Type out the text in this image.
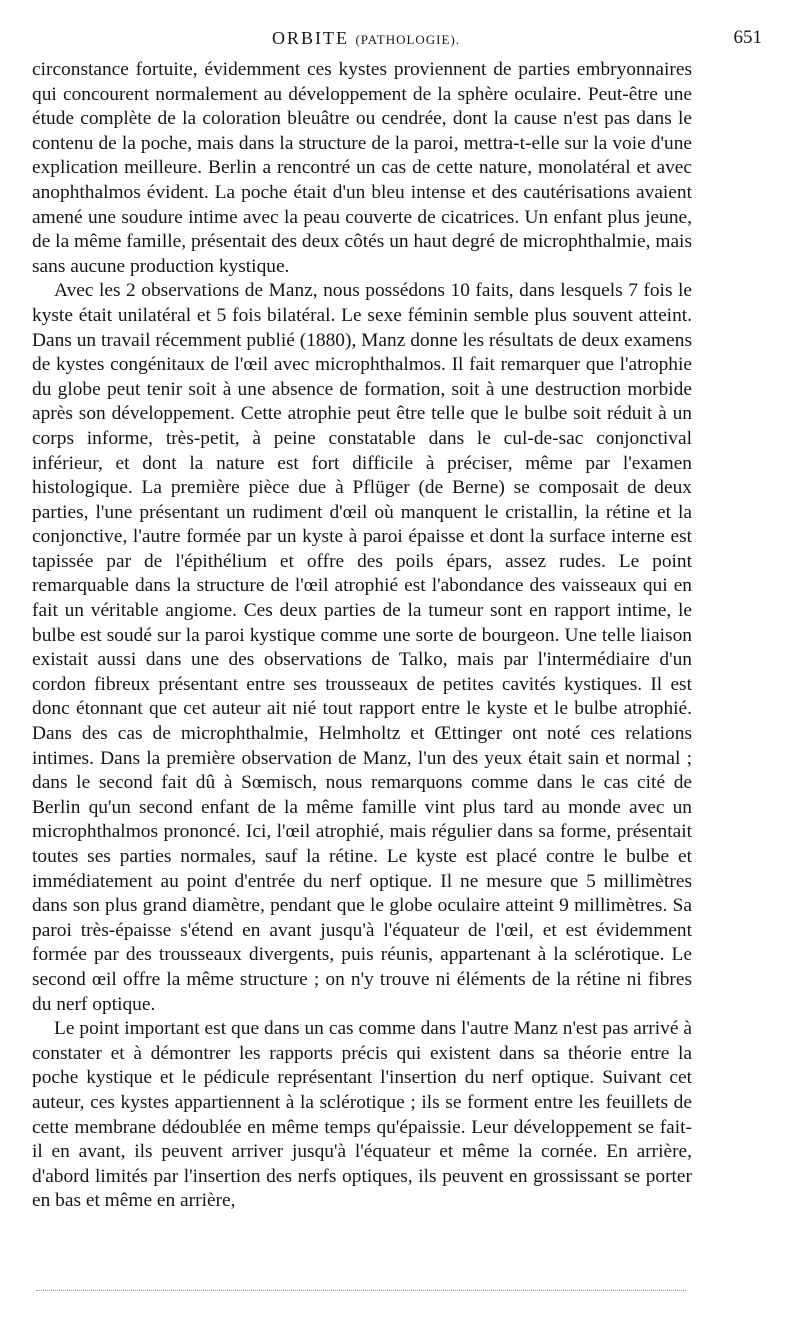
ORBITE (PATHOLOGIE).	651

circonstance fortuite, évidemment ces kystes proviennent de parties embryonnaires qui concourent normalement au développement de la sphère oculaire. Peut-être une étude complète de la coloration bleuâtre ou cendrée, dont la cause n'est pas dans le contenu de la poche, mais dans la structure de la paroi, mettra-t-elle sur la voie d'une explication meilleure. Berlin a rencontré un cas de cette nature, monolatéral et avec anophthalmos évident. La poche était d'un bleu intense et des cautérisations avaient amené une soudure intime avec la peau couverte de cicatrices. Un enfant plus jeune, de la même famille, présentait des deux côtés un haut degré de microphthalmie, mais sans aucune production kystique.

Avec les 2 observations de Manz, nous possédons 10 faits, dans lesquels 7 fois le kyste était unilatéral et 5 fois bilatéral. Le sexe féminin semble plus souvent atteint. Dans un travail récemment publié (1880), Manz donne les résultats de deux examens de kystes congénitaux de l'œil avec microphthalmos. Il fait remarquer que l'atrophie du globe peut tenir soit à une absence de formation, soit à une destruction morbide après son développement. Cette atrophie peut être telle que le bulbe soit réduit à un corps informe, très-petit, à peine constatable dans le cul-de-sac conjonctival inférieur, et dont la nature est fort difficile à préciser, même par l'examen histologique. La première pièce due à Pflüger (de Berne) se composait de deux parties, l'une présentant un rudiment d'œil où manquent le cristallin, la rétine et la conjonctive, l'autre formée par un kyste à paroi épaisse et dont la surface interne est tapissée par de l'épithélium et offre des poils épars, assez rudes. Le point remarquable dans la structure de l'œil atrophié est l'abondance des vaisseaux qui en fait un véritable angiome. Ces deux parties de la tumeur sont en rapport intime, le bulbe est soudé sur la paroi kystique comme une sorte de bourgeon. Une telle liaison existait aussi dans une des observations de Talko, mais par l'intermédiaire d'un cordon fibreux présentant entre ses trousseaux de petites cavités kystiques. Il est donc étonnant que cet auteur ait nié tout rapport entre le kyste et le bulbe atrophié. Dans des cas de microphthalmie, Helmholtz et Œttinger ont noté ces relations intimes. Dans la première observation de Manz, l'un des yeux était sain et normal ; dans le second fait dû à Sœmisch, nous remarquons comme dans le cas cité de Berlin qu'un second enfant de la même famille vint plus tard au monde avec un microphthalmos prononcé. Ici, l'œil atrophié, mais régulier dans sa forme, présentait toutes ses parties normales, sauf la rétine. Le kyste est placé contre le bulbe et immédiatement au point d'entrée du nerf optique. Il ne mesure que 5 millimètres dans son plus grand diamètre, pendant que le globe oculaire atteint 9 millimètres. Sa paroi très-épaisse s'étend en avant jusqu'à l'équateur de l'œil, et est évidemment formée par des trousseaux divergents, puis réunis, appartenant à la sclérotique. Le second œil offre la même structure ; on n'y trouve ni éléments de la rétine ni fibres du nerf optique.

Le point important est que dans un cas comme dans l'autre Manz n'est pas arrivé à constater et à démontrer les rapports précis qui existent dans sa théorie entre la poche kystique et le pédicule représentant l'insertion du nerf optique. Suivant cet auteur, ces kystes appartiennent à la sclérotique ; ils se forment entre les feuillets de cette membrane dédoublée en même temps qu'épaissie. Leur développement se fait-il en avant, ils peuvent arriver jusqu'à l'équateur et même la cornée. En arrière, d'abord limités par l'insertion des nerfs optiques, ils peuvent en grossissant se porter en bas et même en arrière,
